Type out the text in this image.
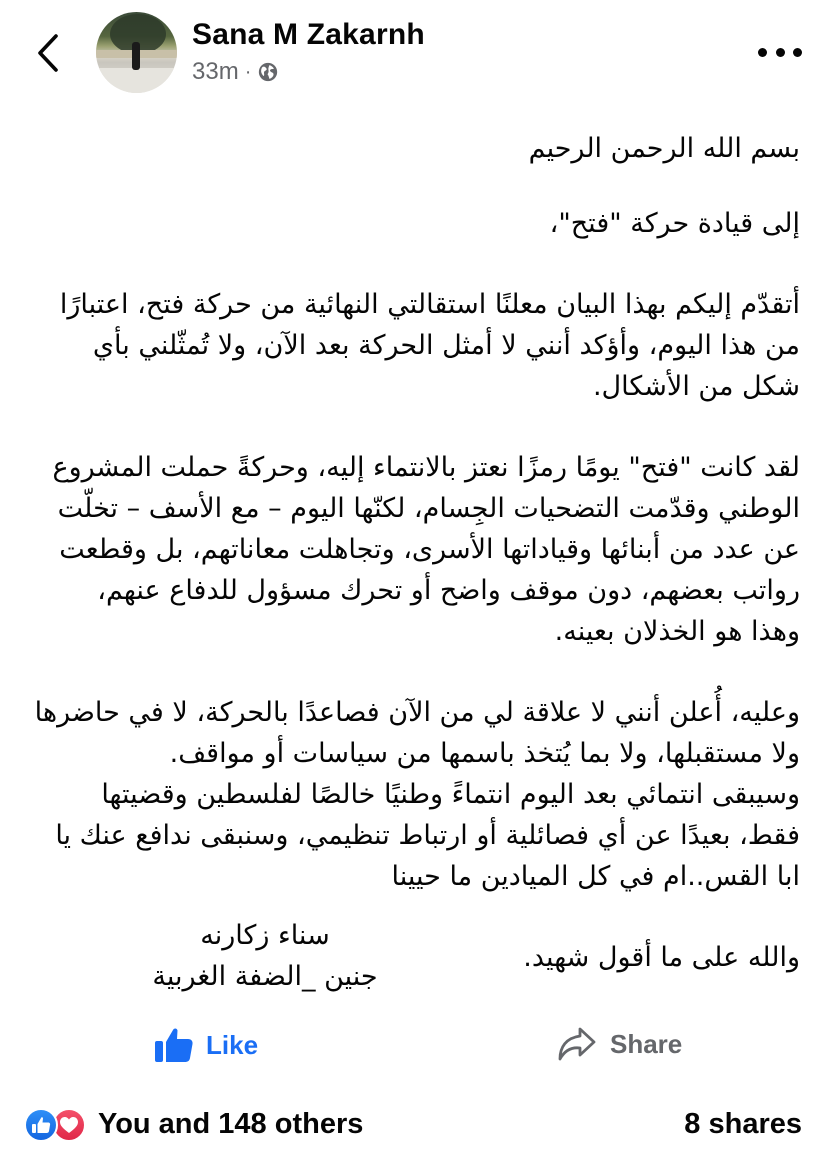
Sana M Zakarnh
33m ·

بسم الله الرحمن الرحيم

إلى قيادة حركة "فتح"،

أتقدّم إليكم بهذا البيان معلنًا استقالتي النهائية من حركة فتح، اعتبارًا

من هذا اليوم، وأؤكد أنني لا أمثل الحركة بعد الآن، ولا تُمثّلني بأي

شكل من الأشكال.

لقد كانت "فتح" يومًا رمزًا نعتز بالانتماء إليه، وحركةً حملت المشروع

الوطني وقدّمت التضحيات الجِسام، لكنّها اليوم – مع الأسف – تخلّت

عن عدد من أبنائها وقياداتها الأسرى، وتجاهلت معاناتهم، بل وقطعت

رواتب بعضهم، دون موقف واضح أو تحرك مسؤول للدفاع عنهم،

وهذا هو الخذلان بعينه.

وعليه، أُعلن أنني لا علاقة لي من الآن فصاعدًا بالحركة، لا في حاضرها

ولا مستقبلها، ولا بما يُتخذ باسمها من سياسات أو مواقف.

وسيبقى انتمائي بعد اليوم انتماءً وطنيًا خالصًا لفلسطين وقضيتها

فقط، بعيدًا عن أي فصائلية أو ارتباط تنظيمي، وسنبقى ندافع عنك يا

ابا القس..ام في كل الميادين ما حيينا

والله على ما أقول شهيد.

سناء زكارنه

جنين _الضفة الغربية

Like	Share
You and 148 others	8 shares
